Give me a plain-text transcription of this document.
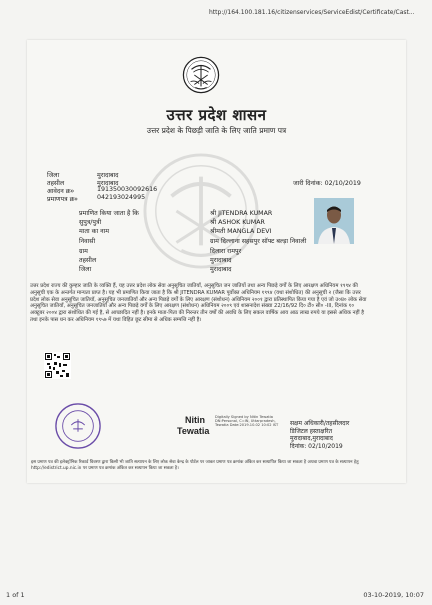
http://164.100.181.16/citizenservices/ServiceEdist/Certificate/Cast...
उत्तर प्रदेश शासन
उत्तर प्रदेश के पिछड़ी जाति के लिए जाति प्रमाण पत्र
जिला	मुरादाबाद
तहसील	मुरादाबाद
आवेदन क्र०	191350030092616
प्रमाणपत्र क्र०	042193024995
जारी दिनांक: 02/10/2019
प्रमाणित किया जाता है कि	श्री JITENDRA KUMAR
सुपुत्र/पुत्री	श्री ASHOK KUMAR
माता का नाम	श्रीमती MANGLA DEVI
निवासी	ग्राम दिल्लाना सहसपुर सॉफ्ट बल्ड़ा निवाली
ग्राम	दिलारा रामपुर
तहसील	मुरादाबाद
जिला	मुरादाबाद
उत्तर प्रदेश राज्य की कुम्हार जाति के व्यक्ति हैं, यह उत्तर प्रदेश लोक सेवा अनुसूचित जातियाँ, अनुसूचित जन जातियों तथा अन्य पिछड़े वर्गों के लिए आरक्षण अधिनियम १९९४ की अनुसूची एक के अन्तर्गत मान्यता प्राप्त है। यह भी प्रमाणित किया जाता है कि श्री JITENDRA KUMAR पूर्वोक्त अधिनियम १९९४ (यथा संशोधित) की अनुसूची २ (जैसा कि उत्तर प्रदेश लोक सेवा अनुसूचित जातियाँ, अनुसूचित जनजातियाँ और अन्य पिछड़े वर्गों के लिए आरक्षण (संशोधन) अधिनियम २००१ द्वारा प्रतिस्थापित किया गया है एवं जो उ०प्र० लोक सेवा अनुसूचित जातियाँ, अनुसूचित जनजातियाँ और अन्य पिछड़े वर्गों के लिए आरक्षण (संशोधन) अधिनियम २००९ एवं शासनादेश संख्या 22/16/92 दि० टी० सी० -III, दिनांक १० अक्टूबर २००४ द्वारा संशोधित की गई है, से आच्छादित नहीं है। इनके माता-पिता की निरन्तर तीन वर्षों की अवधि के लिए सकल वार्षिक आय आठ लाख रुपये या इससे अधिक नहीं है तथा इनके पास धन कर अधिनियम १९५७ में यथा विहित छूट सीमा से अधिक सम्पत्ति नहीं है।
Nitin
Tewatia
Digitally Signed by Nitin Tewatia DN:Personal, C=IN, Uttarpradesh, Tewatia Date:2019.10.02 10:02 IST	सक्षम अधिकारी/तहसीलदार
डिजिटल हस्ताक्षरित
मुरादाबाद,मुरादाबाद
दिनांक: 02/10/2019
इस प्रमाण पत्र की इलेक्ट्रॉनिक रिकार्ड विवरण द्वारा किसी भी जाति सत्यापन के लिए लोक सेवा केन्द्र के पोर्टल पर जाकर प्रमाण पत्र क्रमांक अंकित कर सत्यापित किया जा सकता है अथवा प्रमाण पत्र के सत्यापन हेतु http://edistrict.up.nic.in पर प्रमाण पत्र क्रमांक अंकित कर सत्यापन किया जा सकता है।
1 of 1	03-10-2019, 10:07
